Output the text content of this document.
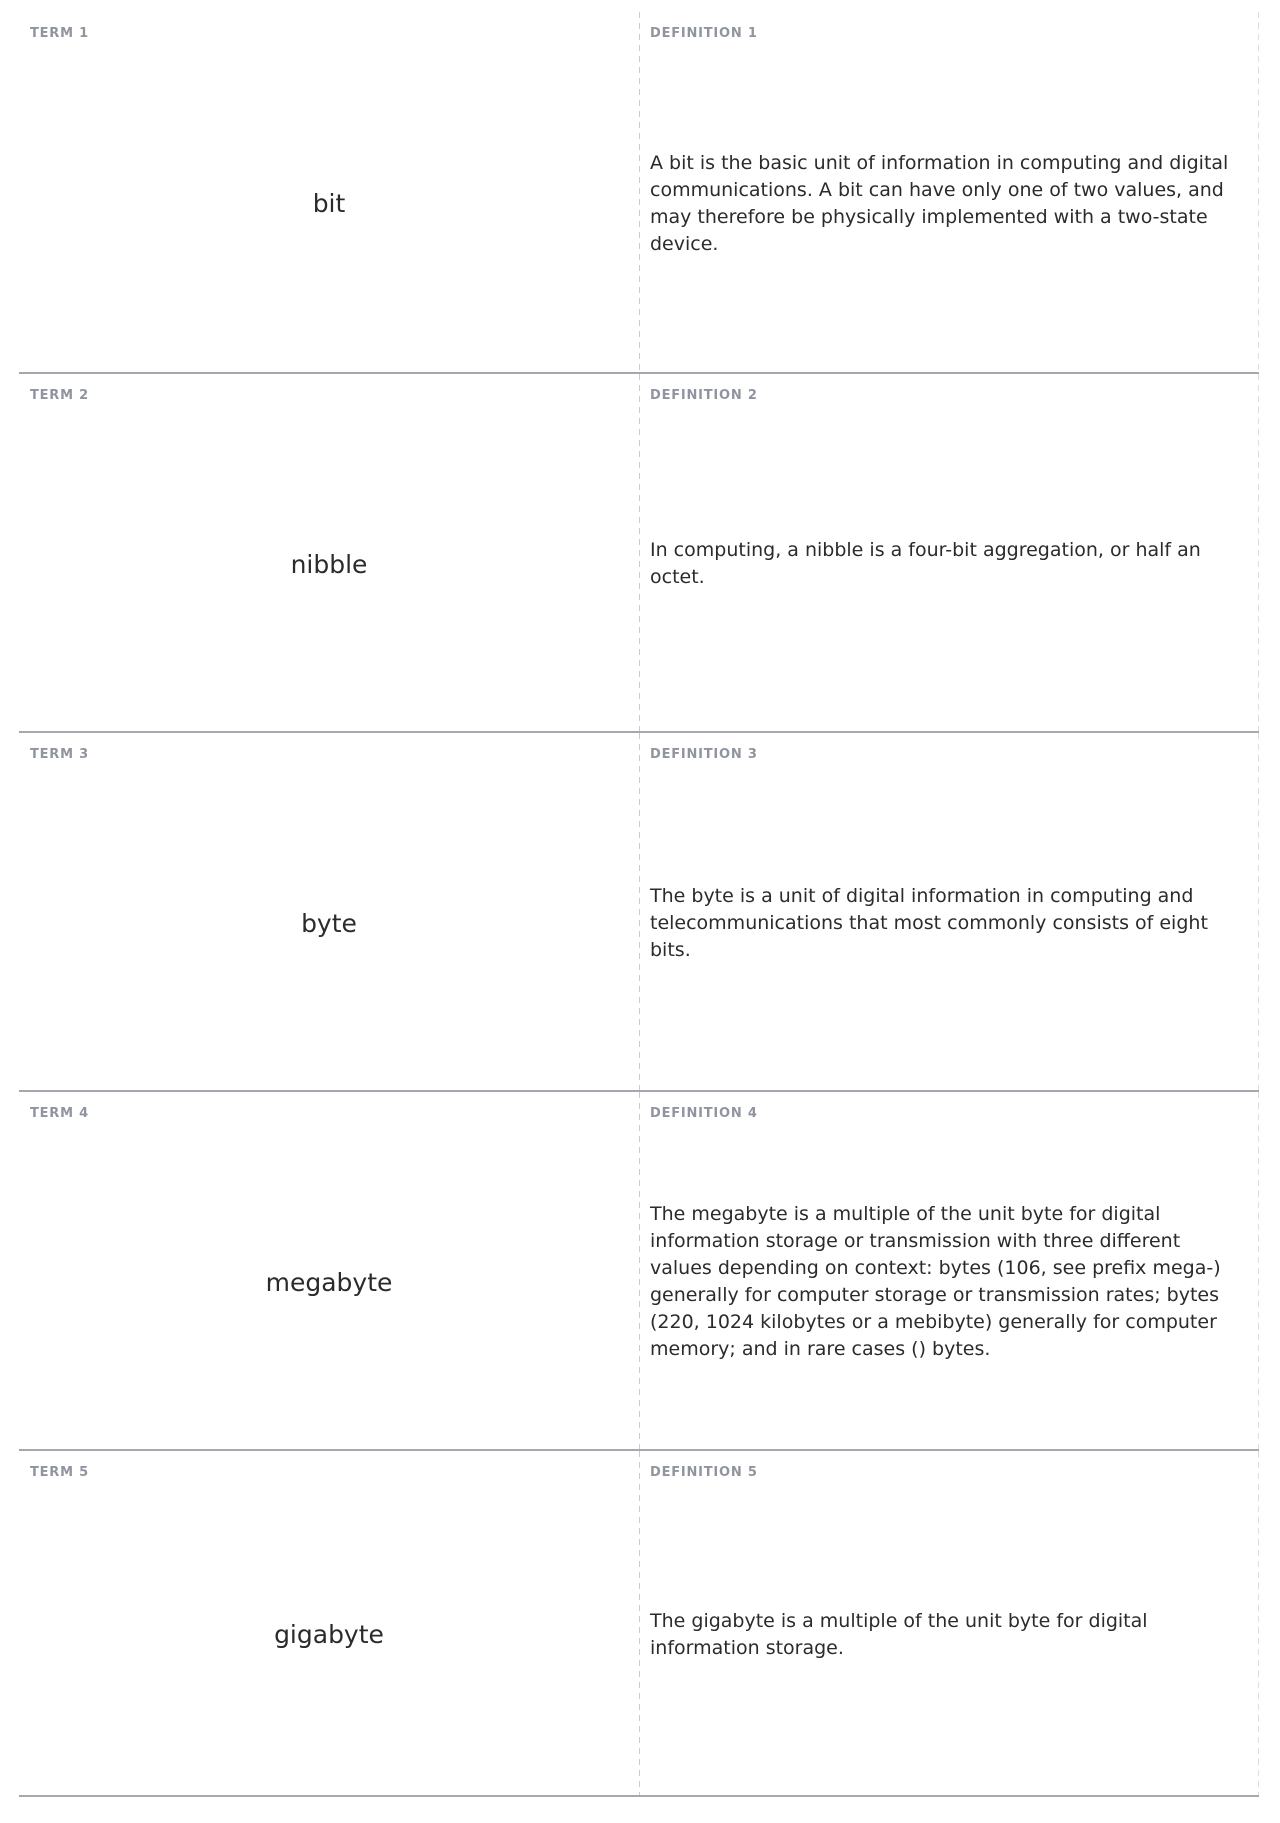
TERM 1
bit
DEFINITION 1
A bit is the basic unit of information in computing and digital communications. A bit can have only one of two values, and may therefore be physically implemented with a two-state device.
TERM 2
nibble
DEFINITION 2
In computing, a nibble is a four-bit aggregation, or half an octet.
TERM 3
byte
DEFINITION 3
The byte is a unit of digital information in computing and telecommunications that most commonly consists of eight bits.
TERM 4
megabyte
DEFINITION 4
The megabyte is a multiple of the unit byte for digital information storage or transmission with three different values depending on context: bytes (106, see prefix mega-) generally for computer storage or transmission rates; bytes (220, 1024 kilobytes or a mebibyte) generally for computer memory; and in rare cases () bytes.
TERM 5
gigabyte
DEFINITION 5
The gigabyte is a multiple of the unit byte for digital information storage.
